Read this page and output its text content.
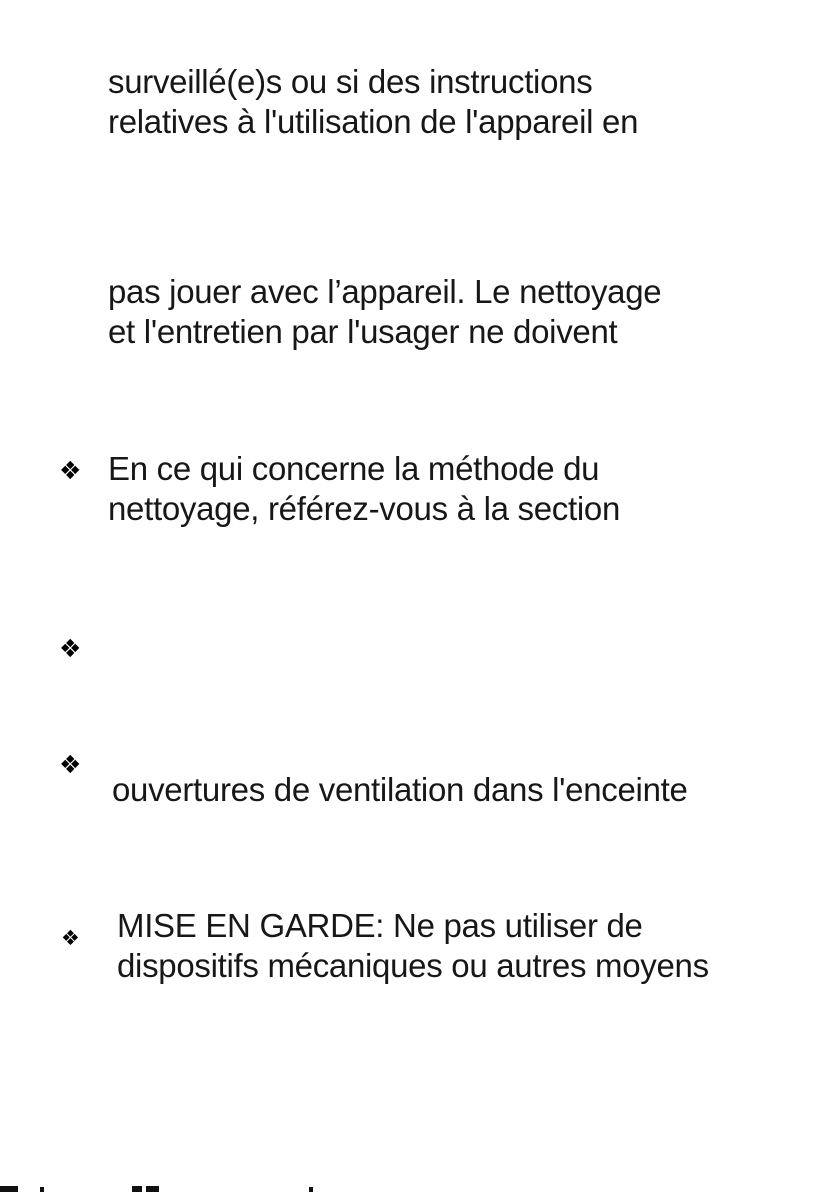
surveillé(e)s ou si des instructions
relatives à l'utilisation de l'appareil en
pas jouer avec l’appareil. Le nettoyage
et l'entretien par l'usager ne doivent
❖ En ce qui concerne la méthode du
nettoyage, référez-vous à la section
❖
❖
ouvertures de ventilation dans l'enceinte
❖ MISE EN GARDE: Ne pas utiliser de
dispositifs mécaniques ou autres moyens
